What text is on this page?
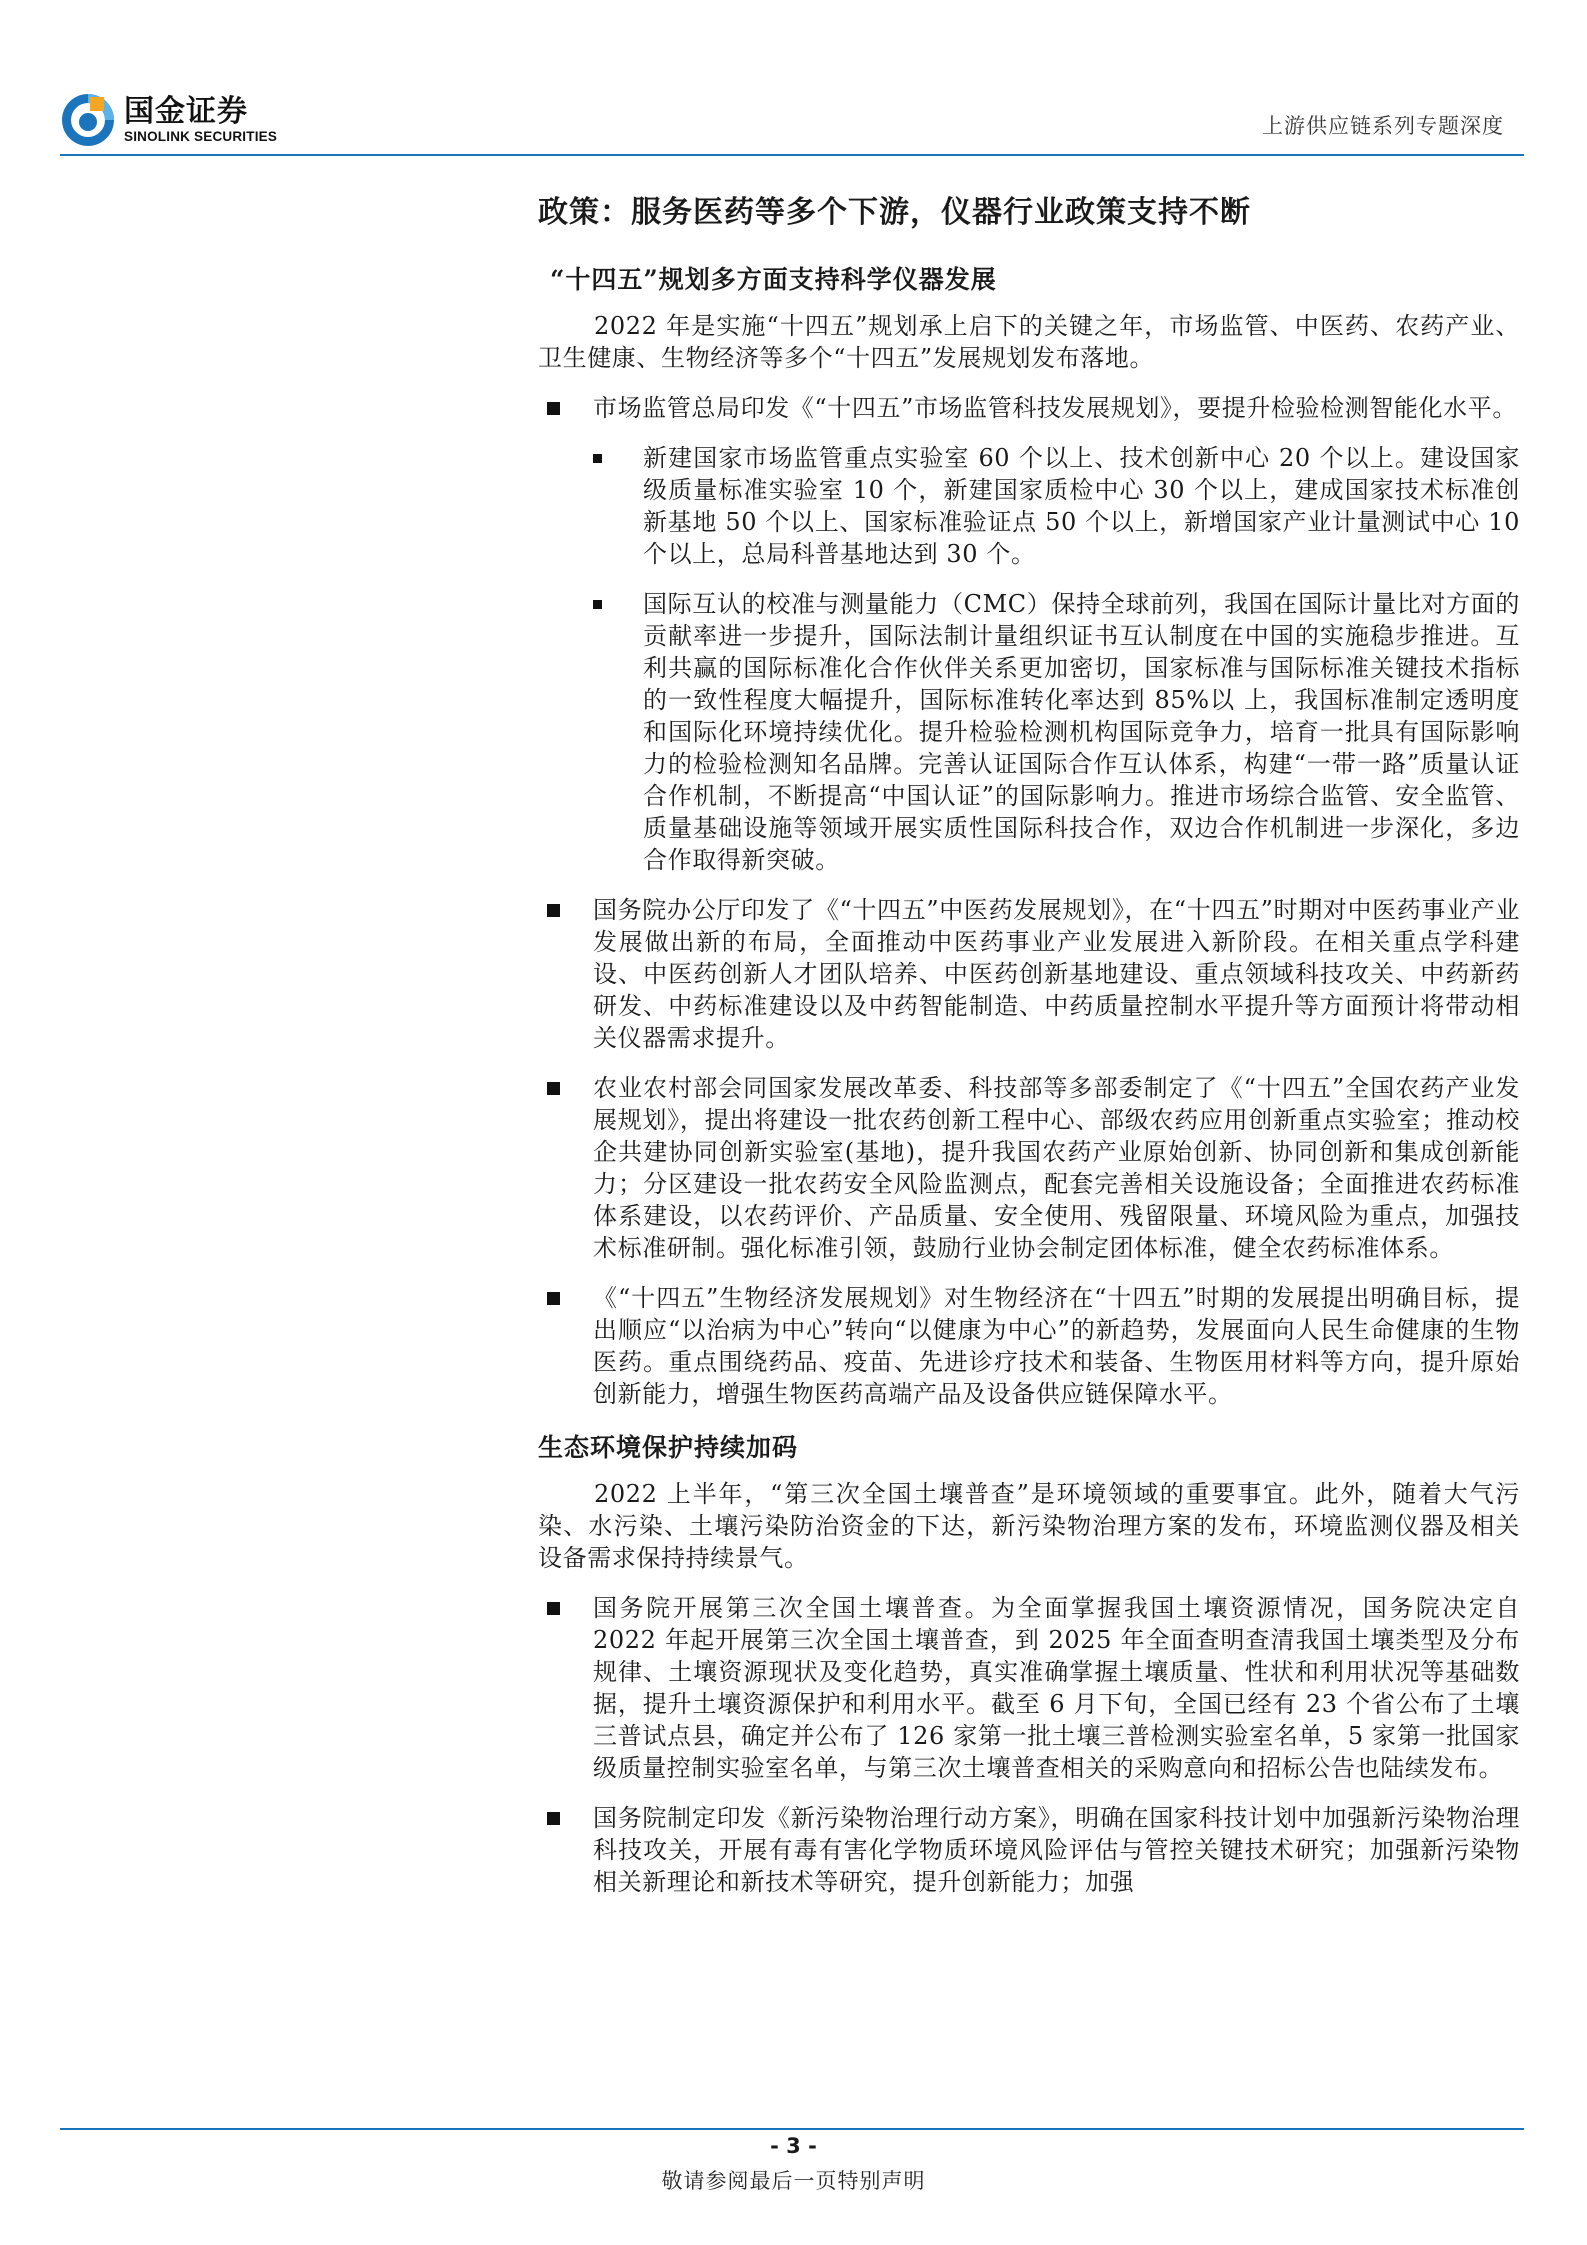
国金证券
SINOLINK SECURITIES	上游供应链系列专题深度
政策：服务医药等多个下游，仪器行业政策支持不断
“十四五”规划多方面支持科学仪器发展

2022 年是实施“十四五”规划承上启下的关键之年，市场监管、中医药、农药产业、卫生健康、生物经济等多个“十四五”发展规划发布落地。

市场监管总局印发《“十四五”市场监管科技发展规划》，要提升检验检测智能化水平。
新建国家市场监管重点实验室 60 个以上、技术创新中心 20 个以上。建设国家级质量标准实验室 10 个，新建国家质检中心 30 个以上，建成国家技术标准创新基地 50 个以上、国家标准验证点 50 个以上，新增国家产业计量测试中心 10 个以上，总局科普基地达到 30 个。
国际互认的校准与测量能力（CMC）保持全球前列，我国在国际计量比对方面的贡献率进一步提升，国际法制计量组织证书互认制度在中国的实施稳步推进。互利共赢的国际标准化合作伙伴关系更加密切，国家标准与国际标准关键技术指标的一致性程度大幅提升，国际标准转化率达到 85%以 上，我国标准制定透明度和国际化环境持续优化。提升检验检测机构国际竞争力，培育一批具有国际影响力的检验检测知名品牌。完善认证国际合作互认体系，构建“一带一路”质量认证合作机制，不断提高“中国认证”的国际影响力。推进市场综合监管、安全监管、质量基础设施等领域开展实质性国际科技合作，双边合作机制进一步深化，多边合作取得新突破。
国务院办公厅印发了《“十四五”中医药发展规划》，在“十四五”时期对中医药事业产业发展做出新的布局，全面推动中医药事业产业发展进入新阶段。在相关重点学科建设、中医药创新人才团队培养、中医药创新基地建设、重点领域科技攻关、中药新药研发、中药标准建设以及中药智能制造、中药质量控制水平提升等方面预计将带动相关仪器需求提升。
农业农村部会同国家发展改革委、科技部等多部委制定了《“十四五”全国农药产业发展规划》，提出将建设一批农药创新工程中心、部级农药应用创新重点实验室；推动校企共建协同创新实验室(基地)，提升我国农药产业原始创新、协同创新和集成创新能力；分区建设一批农药安全风险监测点，配套完善相关设施设备；全面推进农药标准体系建设，以农药评价、产品质量、安全使用、残留限量、环境风险为重点，加强技术标准研制。强化标准引领，鼓励行业协会制定团体标准，健全农药标准体系。
《“十四五”生物经济发展规划》对生物经济在“十四五”时期的发展提出明确目标，提出顺应“以治病为中心”转向“以健康为中心”的新趋势，发展面向人民生命健康的生物医药。重点围绕药品、疫苗、先进诊疗技术和装备、生物医用材料等方向，提升原始创新能力，增强生物医药高端产品及设备供应链保障水平。
生态环境保护持续加码

2022 上半年，“第三次全国土壤普查”是环境领域的重要事宜。此外，随着大气污染、水污染、土壤污染防治资金的下达，新污染物治理方案的发布，环境监测仪器及相关设备需求保持持续景气。

国务院开展第三次全国土壤普查。为全面掌握我国土壤资源情况，国务院决定自 2022 年起开展第三次全国土壤普查，到 2025 年全面查明查清我国土壤类型及分布规律、土壤资源现状及变化趋势，真实准确掌握土壤质量、性状和利用状况等基础数据，提升土壤资源保护和利用水平。截至 6 月下旬，全国已经有 23 个省公布了土壤三普试点县，确定并公布了 126 家第一批土壤三普检测实验室名单，5 家第一批国家级质量控制实验室名单，与第三次土壤普查相关的采购意向和招标公告也陆续发布。
国务院制定印发《新污染物治理行动方案》，明确在国家科技计划中加强新污染物治理科技攻关，开展有毒有害化学物质环境风险评估与管控关键技术研究；加强新污染物相关新理论和新技术等研究，提升创新能力；加强
- 3 -
敬请参阅最后一页特别声明
